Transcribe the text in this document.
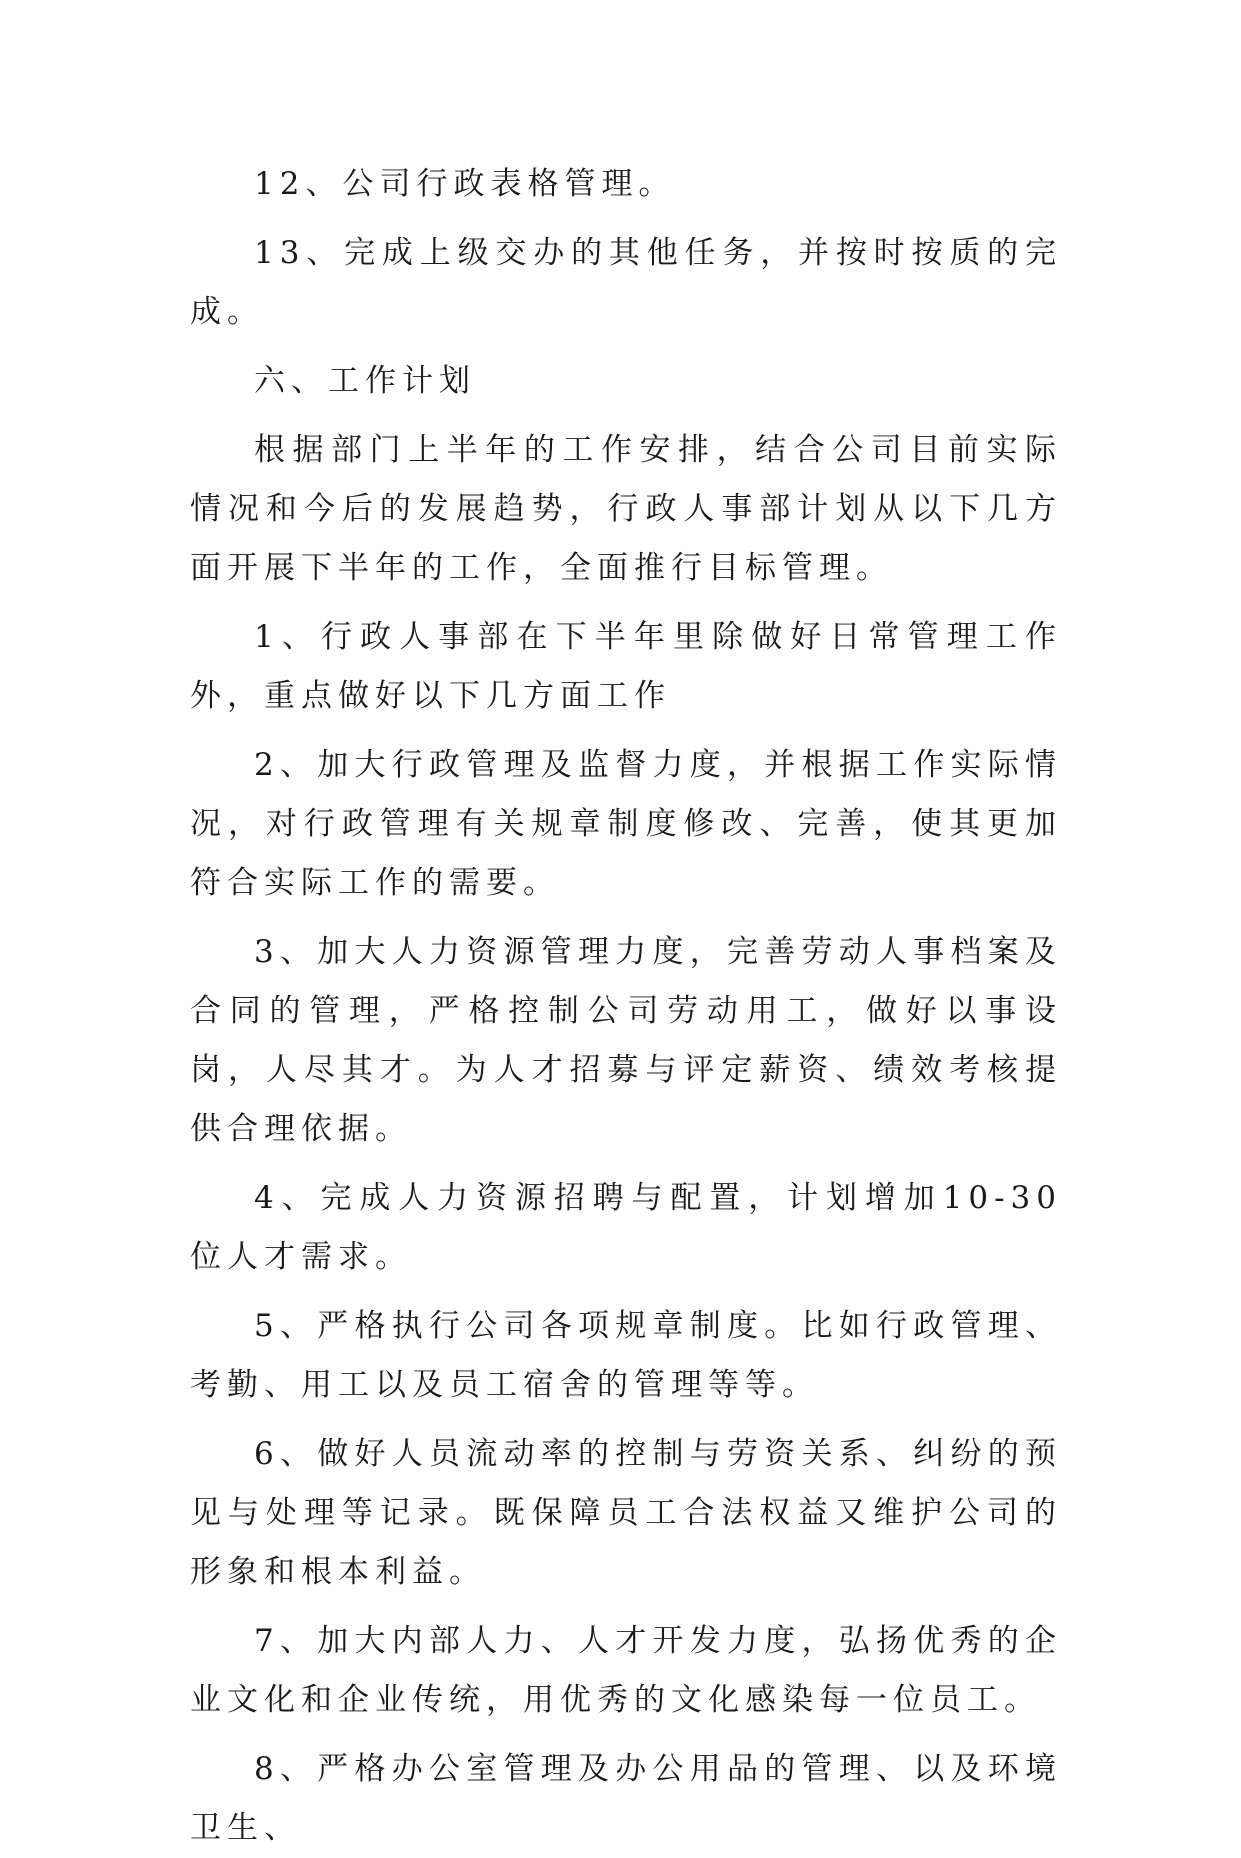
12、公司行政表格管理。

13、完成上级交办的其他任务，并按时按质的完成。

六、工作计划

根据部门上半年的工作安排，结合公司目前实际情况和今后的发展趋势，行政人事部计划从以下几方面开展下半年的工作，全面推行目标管理。

1、行政人事部在下半年里除做好日常管理工作外，重点做好以下几方面工作

2、加大行政管理及监督力度，并根据工作实际情况，对行政管理有关规章制度修改、完善，使其更加符合实际工作的需要。

3、加大人力资源管理力度，完善劳动人事档案及合同的管理，严格控制公司劳动用工，做好以事设岗，人尽其才。为人才招募与评定薪资、绩效考核提供合理依据。

4、完成人力资源招聘与配置，计划增加10-30位人才需求。

5、严格执行公司各项规章制度。比如行政管理、考勤、用工以及员工宿舍的管理等等。

6、做好人员流动率的控制与劳资关系、纠纷的预见与处理等记录。既保障员工合法权益又维护公司的形象和根本利益。

7、加大内部人力、人才开发力度，弘扬优秀的企业文化和企业传统，用优秀的文化感染每一位员工。

8、严格办公室管理及办公用品的管理、以及环境卫生、
